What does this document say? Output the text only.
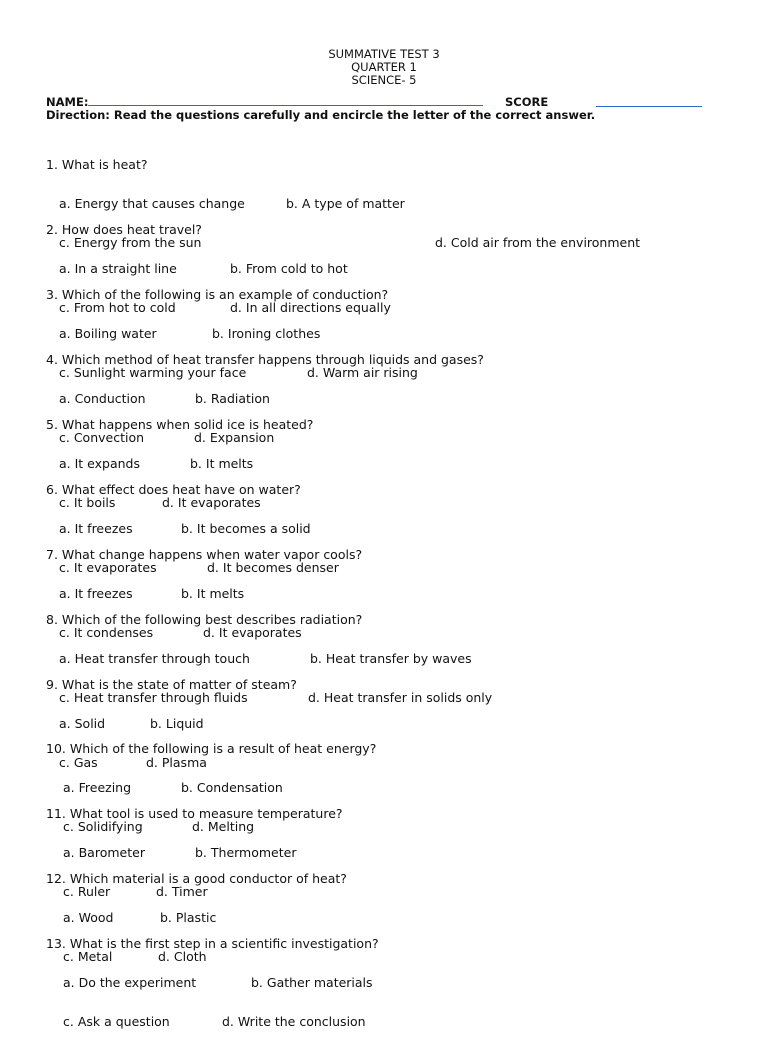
SUMMATIVE TEST 3
QUARTER 1
SCIENCE- 5
NAME:	SCORE
Direction: Read the questions carefully and encircle the letter of the correct answer.

1. What is heat?

a. Energy that causes change	b. A type of matter

c. Energy from the sun	d. Cold air from the environment

2. How does heat travel?

a. In a straight line	b. From cold to hot

c. From hot to cold	d. In all directions equally

3. Which of the following is an example of conduction?

a. Boiling water	b. Ironing clothes

c. Sunlight warming your face	d. Warm air rising

4. Which method of heat transfer happens through liquids and gases?

a. Conduction	b. Radiation

c. Convection	d. Expansion

5. What happens when solid ice is heated?

a. It expands	b. It melts

c. It boils	d. It evaporates

6. What effect does heat have on water?

a. It freezes	b. It becomes a solid

c. It evaporates	d. It becomes denser

7. What change happens when water vapor cools?

a. It freezes	b. It melts

c. It condenses	d. It evaporates

8. Which of the following best describes radiation?

a. Heat transfer through touch	b. Heat transfer by waves

c. Heat transfer through fluids	d. Heat transfer in solids only

9. What is the state of matter of steam?

a. Solid	b. Liquid

c. Gas	d. Plasma

10. Which of the following is a result of heat energy?

a. Freezing	b. Condensation

c. Solidifying	d. Melting

11. What tool is used to measure temperature?

a. Barometer	b. Thermometer

c. Ruler	d. Timer

12. Which material is a good conductor of heat?

a. Wood	b. Plastic

c. Metal	d. Cloth

13. What is the first step in a scientific investigation?

a. Do the experiment	b. Gather materials

c. Ask a question	d. Write the conclusion
